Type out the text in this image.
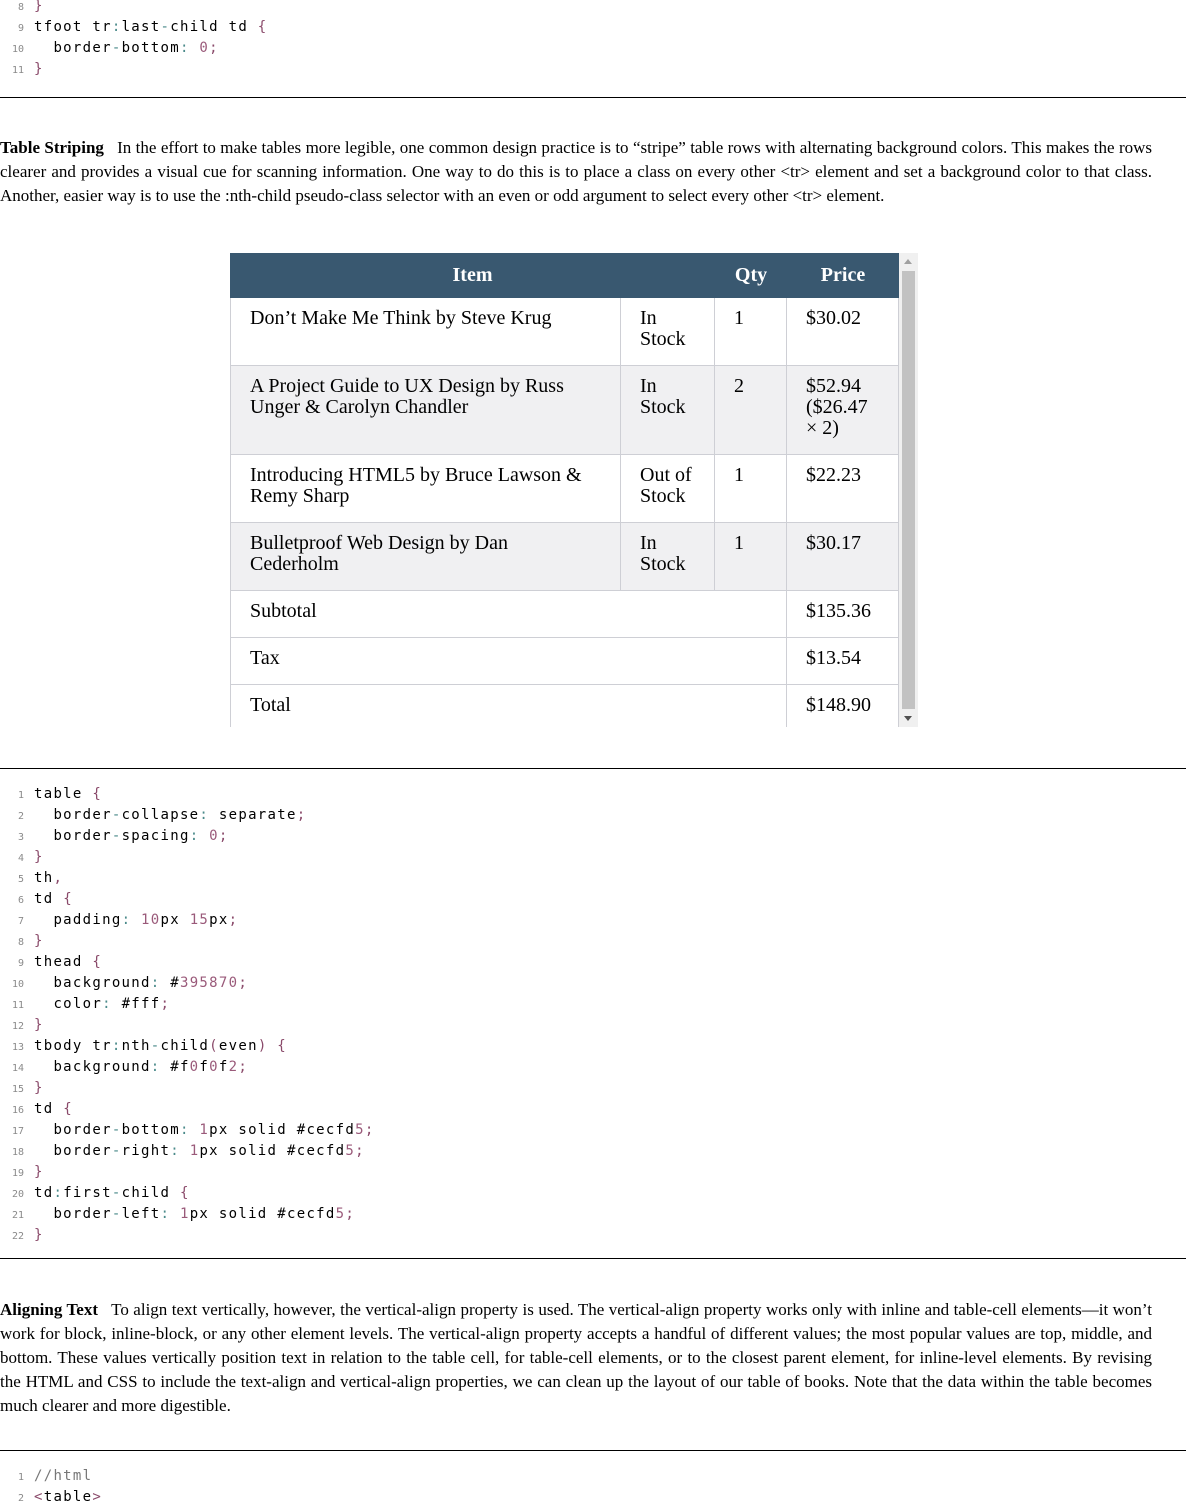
8 }
9 tfoot tr:last-child td {
10  border-bottom: 0;
11 }

Table Striping In the effort to make tables more legible, one common design practice is to “stripe” table rows with alternating background colors. This makes the rows clearer and provides a visual cue for scanning information. One way to do this is to place a class on every other <tr> element and set a background color to that class. Another, easier way is to use the :nth-child pseudo-class selector with an even or odd argument to select every other <tr> element.

Item		Qty	Price
Don’t Make Me Think by Steve Krug	In Stock	1	$30.02
A Project Guide to UX Design by Russ Unger & Carolyn Chandler	In Stock	2	$52.94 ($26.47 × 2)
Introducing HTML5 by Bruce Lawson & Remy Sharp	Out of Stock	1	$22.23
Bulletproof Web Design by Dan Cederholm	In Stock	1	$30.17
Subtotal			$135.36
Tax			$13.54
Total			$148.90
1 table {
2  border-collapse: separate;
3  border-spacing: 0;
4 }
5 th,
6 td {
7  padding: 10px 15px;
8 }
9 thead {
10  background: #395870;
11  color: #fff;
12 }
13 tbody tr:nth-child(even) {
14  background: #f0f0f2;
15 }
16 td {
17  border-bottom: 1px solid #cecfd5;
18  border-right: 1px solid #cecfd5;
19 }
20 td:first-child {
21  border-left: 1px solid #cecfd5;
22 }

Aligning Text To align text vertically, however, the vertical-align property is used. The vertical-align property works only with inline and table-cell elements—it won’t work for block, inline-block, or any other element levels. The vertical-align property accepts a handful of different values; the most popular values are top, middle, and bottom. These values vertically position text in relation to the table cell, for table-cell elements, or to the closest parent element, for inline-level elements. By revising the HTML and CSS to include the text-align and vertical-align properties, we can clean up the layout of our table of books. Note that the data within the table becomes much clearer and more digestible.

1 //html
2 <table>
